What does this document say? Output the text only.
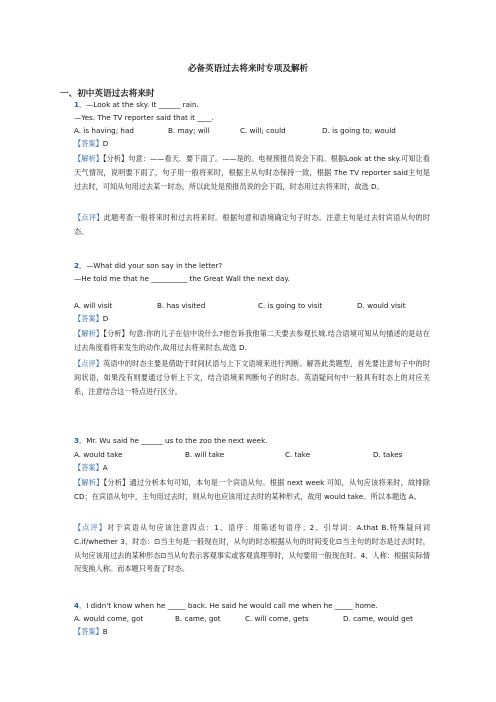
必备英语过去将来时专项及解析
一、初中英语过去将来时
1．—Look at the sky. It ______ rain.
—Yes. The TV reporter said that it ____.
A. is having; had	B. may; will	C. will; could	D. is going to; would
【答案】D
【解析】【分析】句意：——看天．要下雨了。——是的。电视预报员说会下雨。根据Look at the sky.可知让看天气情况，说明要下雨了，句子用一般将来时，根据主从句时态保持一致，根据 The TV reporter said主句是过去时，可知从句用过去某一时态，所以此处是预报员说的会下雨，时态用过去将来时，故选 D。
【点评】此题考查一般将来时和过去将来时。根据句意和语境确定句子时态。注意主句是过去时宾语从句的时态。
2．—What did your son say in the letter?
—He told me that he __________ the Great Wall the next day.
A. will visit	B. has visited	C. is going to visit	D. would visit
【答案】D
【解析】【分析】句意:你的儿子在信中说什么?他告诉我他第二天要去参观长城.结合语境可知从句描述的是站在过去角度看将来发生的动作,故用过去将来时态,故选 D.
【点评】英语中的时态主要是借助于时间状语与上下文语境来进行判断。解答此类题型，首先要注意句子中的时间状语，如果没有则要通过分析上下文，结合语境来判断句子的时态。英语疑问句中一般具有时态上的对应关系，注意结合这一特点进行区分。
3．Mr. Wu said he ______ us to the zoo the next week.
A. would take	B. will take	C. take	D. takes
【答案】A
【解析】【分析】通过分析本句可知，本句是一个宾语从句。根据 next week 可知，从句应该将来时，故排除 CD；在宾语从句中，主句用过去时，则从句也应该用过去时的某种形式，故用 would take。所以本题选 A。
【点评】对于宾语从句应该注意四点：1、语序：用陈述句语序；2、引导词：A.that B.特殊疑问词 C.if/whether 3、时态：⊡当主句是一般现在时，从句的时态根据从句的时间变化⊡当主句的时态是过去时时，从句应该用过去的某种形态⊡当从句表示客观事实或客观真理等时，从句要用一般现在时。4、人称：根据实际情况变换人称。而本题只考查了时态。
4．I didn't know when he _____ back. He said he would call me when he _____ home.
A. would come, got	B. came, got	C. will come, gets	D. came, would get
【答案】B
